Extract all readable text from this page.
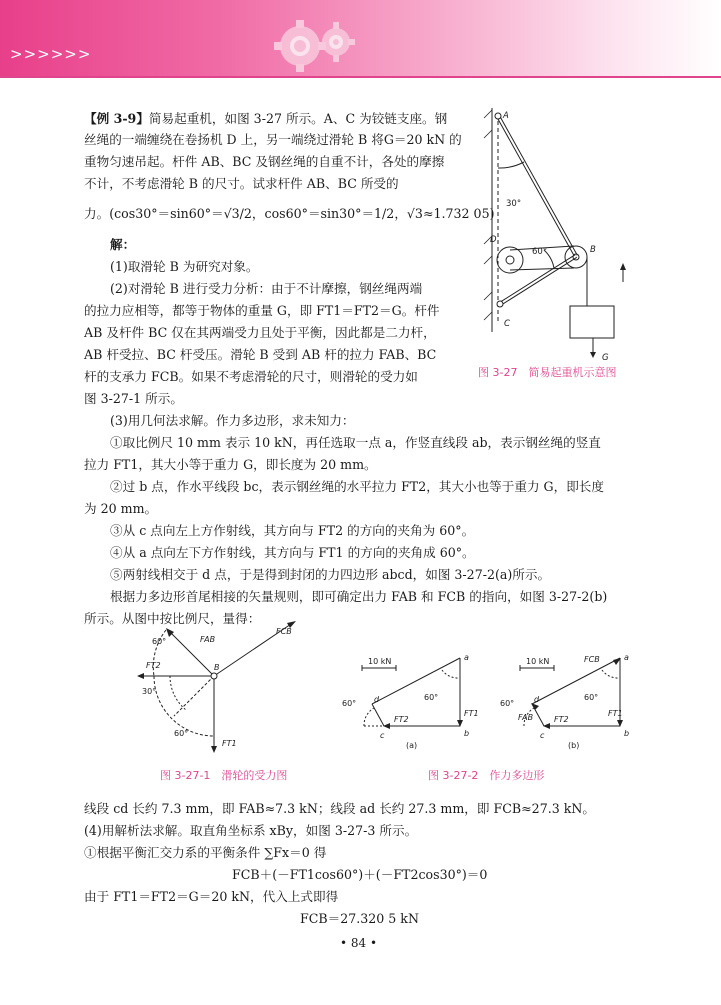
>>>>>>
【例 3-9】简易起重机，如图 3-27 所示。A、C 为铰链支座。钢
丝绳的一端缠绕在卷扬机 D 上，另一端绕过滑轮 B 将G＝20 kN 的
重物匀速吊起。杆件 AB、BC 及钢丝绳的自重不计，各处的摩擦
不计，不考虑滑轮 B 的尺寸。试求杆件 AB、BC 所受的
力。(cos30°＝sin60°＝√3/2，cos60°＝sin30°＝1/2，√3≈1.732 05)
解：
(1)取滑轮 B 为研究对象。
(2)对滑轮 B 进行受力分析：由于不计摩擦，钢丝绳两端
的拉力应相等，都等于物体的重量 G，即 FT1＝FT2＝G。杆件
AB 及杆件 BC 仅在其两端受力且处于平衡，因此都是二力杆，
AB 杆受拉、BC 杆受压。滑轮 B 受到 AB 杆的拉力 FAB、BC
杆的支承力 FCB。如果不考虑滑轮的尺寸，则滑轮的受力如
图 3-27-1 所示。
(3)用几何法求解。作力多边形，求未知力：
①取比例尺 10 mm 表示 10 kN，再任选取一点 a，作竖直线段 ab，表示钢丝绳的竖直
拉力 FT1，其大小等于重力 G，即长度为 20 mm。
②过 b 点，作水平线段 bc，表示钢丝绳的水平拉力 FT2，其大小也等于重力 G，即长度
为 20 mm。
③从 c 点向左上方作射线，其方向与 FT2 的方向的夹角为 60°。
④从 a 点向左下方作射线，其方向与 FT1 的方向的夹角成 60°。
⑤两射线相交于 d 点，于是得到封闭的力四边形 abcd，如图 3-27-2(a)所示。
根据力多边形首尾相接的矢量规则，即可确定出力 FAB 和 FCB 的指向，如图 3-27-2(b)
所示。从图中按比例尺，量得：
A
B
C
D
G
30°
60°
图 3-27　简易起重机示意图
FAB
FCB
FT2
FT1
B
60°
30°
60°
图 3-27-1　滑轮的受力图
10 kN	10 kN
a
b
c
d
a
b
c
d
60°
60°
60°
60°
FT2
FT1
FT2
FT1
FAB
FCB
(a)	(b)
图 3-27-2　作力多边形
线段 cd 长约 7.3 mm，即 FAB≈7.3 kN；线段 ad 长约 27.3 mm，即 FCB≈27.3 kN。
(4)用解析法求解。取直角坐标系 xBy，如图 3-27-3 所示。
①根据平衡汇交力系的平衡条件 ∑Fx＝0 得
FCB＋(－FT1cos60°)＋(－FT2cos30°)＝0
由于 FT1＝FT2＝G＝20 kN，代入上式即得
FCB＝27.320 5 kN
• 84 •
